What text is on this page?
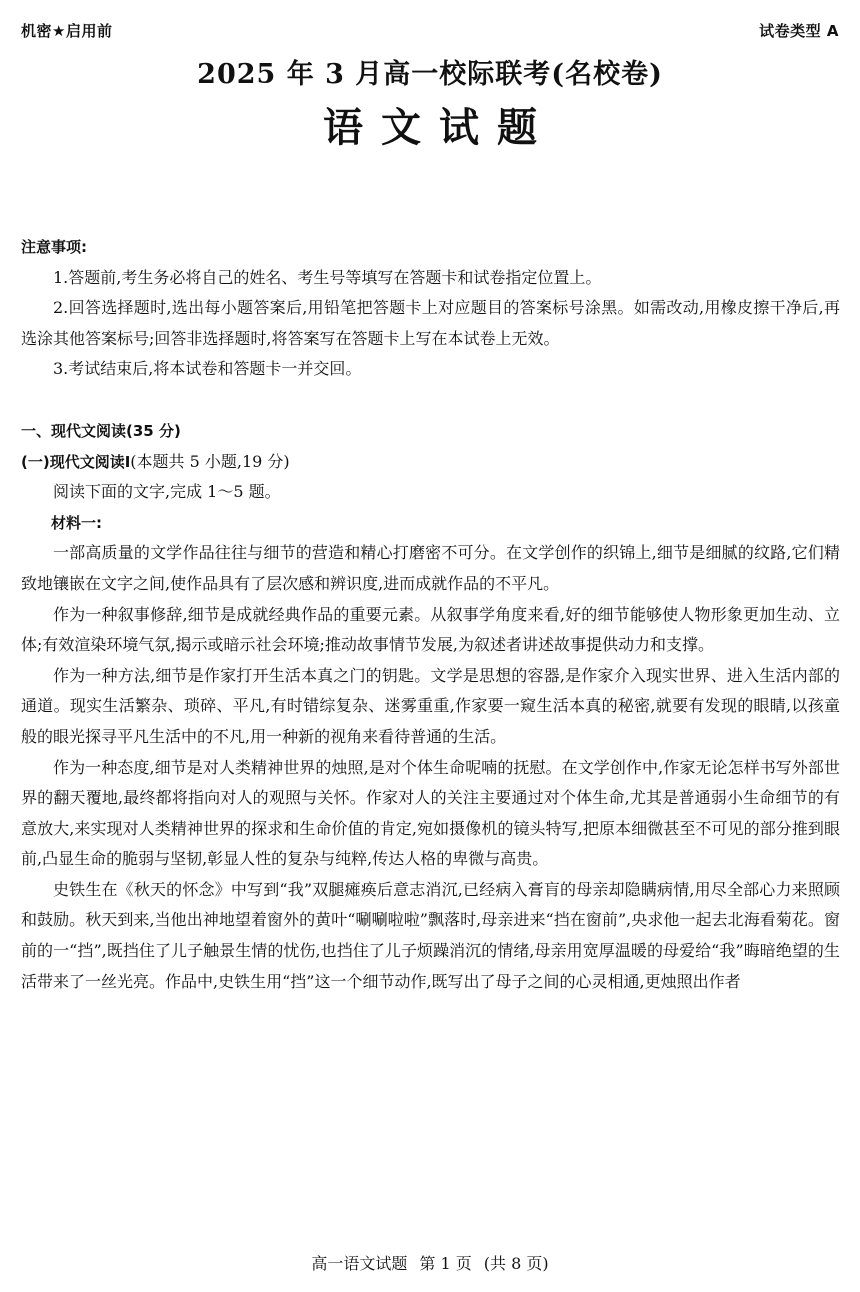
机密★启用前	试卷类型 A
2025 年 3 月高一校际联考(名校卷)
语文试题

注意事项:

1.答题前,考生务必将自己的姓名、考生号等填写在答题卡和试卷指定位置上。

2.回答选择题时,选出每小题答案后,用铅笔把答题卡上对应题目的答案标号涂黑。如需改动,用橡皮擦干净后,再选涂其他答案标号;回答非选择题时,将答案写在答题卡上写在本试卷上无效。

3.考试结束后,将本试卷和答题卡一并交回。

一、现代文阅读(35 分)

(一)现代文阅读Ⅰ(本题共 5 小题,19 分)

阅读下面的文字,完成 1～5 题。

材料一:

一部高质量的文学作品往往与细节的营造和精心打磨密不可分。在文学创作的织锦上,细节是细腻的纹路,它们精致地镶嵌在文字之间,使作品具有了层次感和辨识度,进而成就作品的不平凡。

作为一种叙事修辞,细节是成就经典作品的重要元素。从叙事学角度来看,好的细节能够使人物形象更加生动、立体;有效渲染环境气氛,揭示或暗示社会环境;推动故事情节发展,为叙述者讲述故事提供动力和支撑。

作为一种方法,细节是作家打开生活本真之门的钥匙。文学是思想的容器,是作家介入现实世界、进入生活内部的通道。现实生活繁杂、琐碎、平凡,有时错综复杂、迷雾重重,作家要一窥生活本真的秘密,就要有发现的眼睛,以孩童般的眼光探寻平凡生活中的不凡,用一种新的视角来看待普通的生活。

作为一种态度,细节是对人类精神世界的烛照,是对个体生命呢喃的抚慰。在文学创作中,作家无论怎样书写外部世界的翻天覆地,最终都将指向对人的观照与关怀。作家对人的关注主要通过对个体生命,尤其是普通弱小生命细节的有意放大,来实现对人类精神世界的探求和生命价值的肯定,宛如摄像机的镜头特写,把原本细微甚至不可见的部分推到眼前,凸显生命的脆弱与坚韧,彰显人性的复杂与纯粹,传达人格的卑微与高贵。

史铁生在《秋天的怀念》中写到“我”双腿瘫痪后意志消沉,已经病入膏肓的母亲却隐瞒病情,用尽全部心力来照顾和鼓励。秋天到来,当他出神地望着窗外的黄叶“唰唰啦啦”飘落时,母亲进来“挡在窗前”,央求他一起去北海看菊花。窗前的一“挡”,既挡住了儿子触景生情的忧伤,也挡住了儿子烦躁消沉的情绪,母亲用宽厚温暖的母爱给“我”晦暗绝望的生活带来了一丝光亮。作品中,史铁生用“挡”这一个细节动作,既写出了母子之间的心灵相通,更烛照出作者

高一语文试题 第 1 页 (共 8 页)
